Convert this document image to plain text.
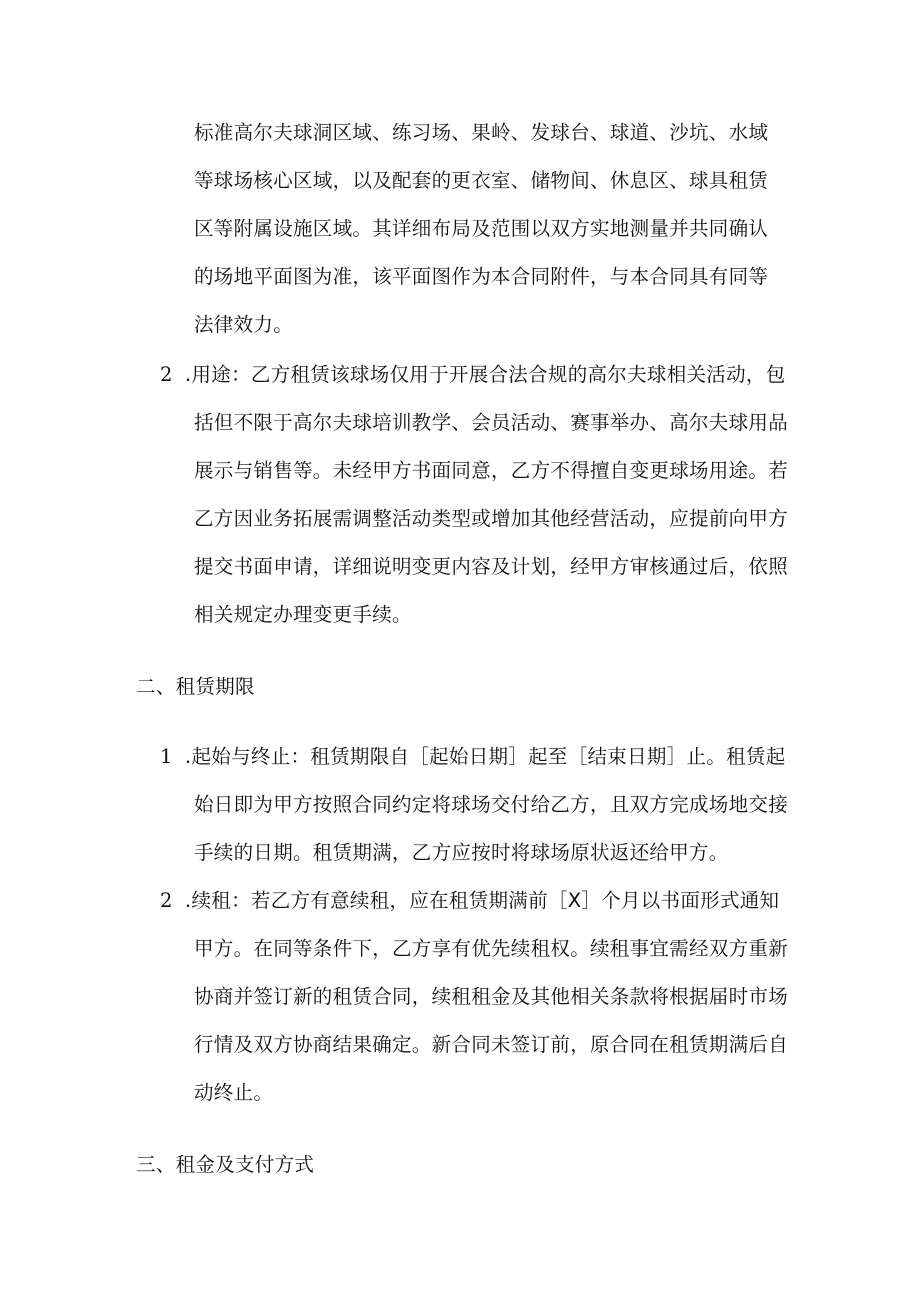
标准高尔夫球洞区域、练习场、果岭、发球台、球道、沙坑、水域
等球场核心区域，以及配套的更衣室、储物间、休息区、球具租赁
区等附属设施区域。其详细布局及范围以双方实地测量并共同确认
的场地平面图为准，该平面图作为本合同附件，与本合同具有同等
法律效力。
2 .用途：乙方租赁该球场仅用于开展合法合规的高尔夫球相关活动，包
括但不限于高尔夫球培训教学、会员活动、赛事举办、高尔夫球用品
展示与销售等。未经甲方书面同意，乙方不得擅自变更球场用途。若
乙方因业务拓展需调整活动类型或增加其他经营活动，应提前向甲方
提交书面申请，详细说明变更内容及计划，经甲方审核通过后，依照
相关规定办理变更手续。
二、租赁期限
1 .起始与终止：租赁期限自［起始日期］起至［结束日期］止。租赁起
始日即为甲方按照合同约定将球场交付给乙方，且双方完成场地交接
手续的日期。租赁期满，乙方应按时将球场原状返还给甲方。
2 .续租：若乙方有意续租，应在租赁期满前［X］个月以书面形式通知
甲方。在同等条件下，乙方享有优先续租权。续租事宜需经双方重新
协商并签订新的租赁合同，续租租金及其他相关条款将根据届时市场
行情及双方协商结果确定。新合同未签订前，原合同在租赁期满后自
动终止。
三、租金及支付方式
